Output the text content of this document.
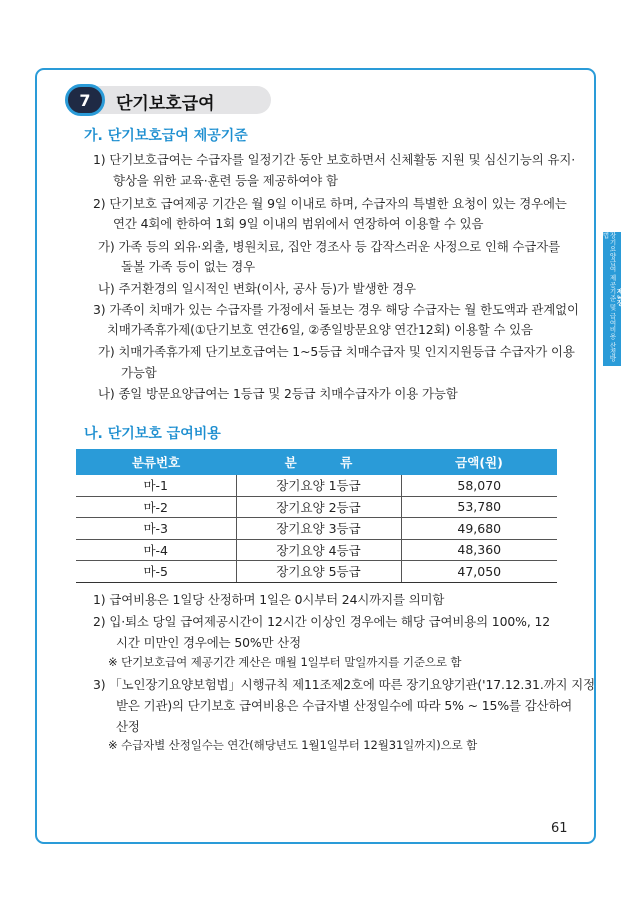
제3장
장기요양급여 제공기준 및 급여비용 산정방법
7	단기보호급여
가. 단기보호급여 제공기준
1) 단기보호급여는 수급자를 일정기간 동안 보호하면서 신체활동 지원 및 심신기능의 유지·
향상을 위한 교육·훈련 등을 제공하여야 함
2) 단기보호 급여제공 기간은 월 9일 이내로 하며, 수급자의 특별한 요청이 있는 경우에는
연간 4회에 한하여 1회 9일 이내의 범위에서 연장하여 이용할 수 있음
가) 가족 등의 외유·외출, 병원치료, 집안 경조사 등 갑작스러운 사정으로 인해 수급자를
돌볼 가족 등이 없는 경우
나) 주거환경의 일시적인 변화(이사, 공사 등)가 발생한 경우
3) 가족이 치매가 있는 수급자를 가정에서 돌보는 경우 해당 수급자는 월 한도액과 관계없이
치매가족휴가제(①단기보호 연간6일, ②종일방문요양 연간12회) 이용할 수 있음
가) 치매가족휴가제 단기보호급여는 1~5등급 치매수급자 및 인지지원등급 수급자가 이용
가능함
나) 종일 방문요양급여는 1등급 및 2등급 치매수급자가 이용 가능함
나. 단기보호 급여비용
분류번호	분          류	금액(원)
마-1	장기요양 1등급	58,070
마-2	장기요양 2등급	53,780
마-3	장기요양 3등급	49,680
마-4	장기요양 4등급	48,360
마-5	장기요양 5등급	47,050
1) 급여비용은 1일당 산정하며 1일은 0시부터 24시까지를 의미함
2) 입·퇴소 당일 급여제공시간이 12시간 이상인 경우에는 해당 급여비용의 100%, 12
시간 미만인 경우에는 50%만 산정
※ 단기보호급여 제공기간 계산은 매월 1일부터 말일까지를 기준으로 함
3) 「노인장기요양보험법」시행규칙 제11조제2호에 따른 장기요양기관('17.12.31.까지 지정
받은 기관)의 단기보호 급여비용은 수급자별 산정일수에 따라 5% ~ 15%를 감산하여
산정
※ 수급자별 산정일수는 연간(해당년도 1월1일부터 12월31일까지)으로 함
61
